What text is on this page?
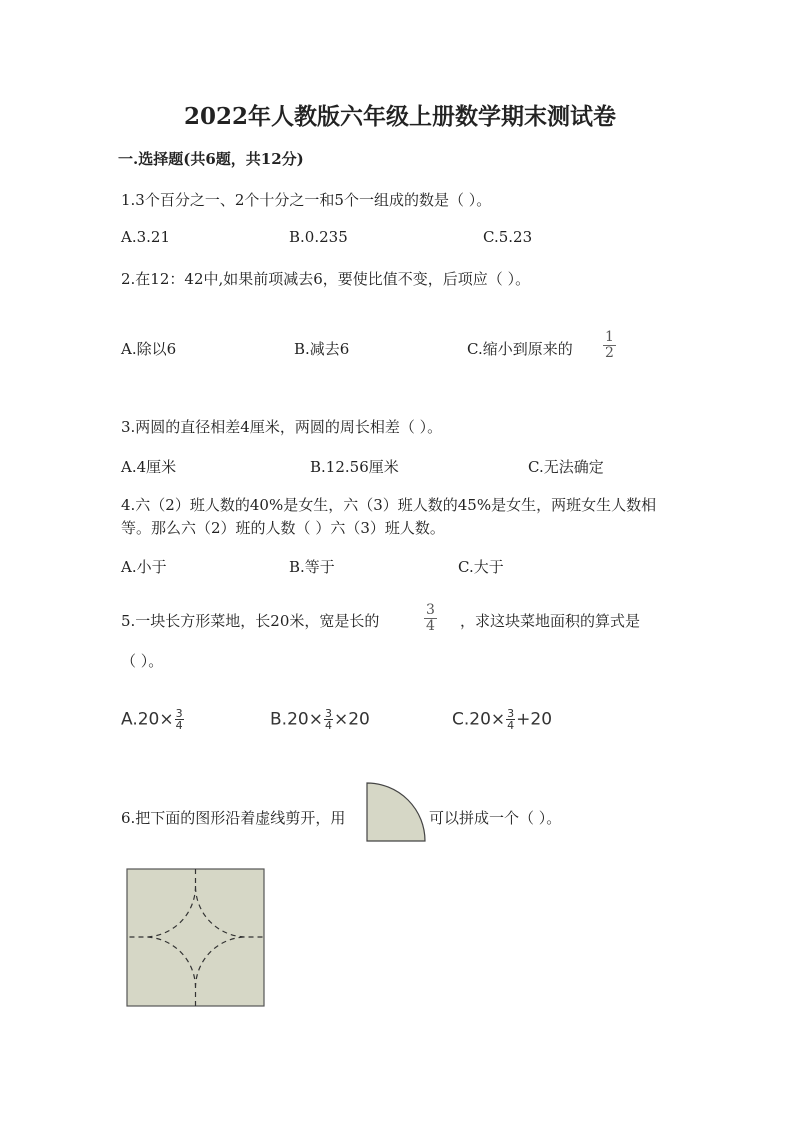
2022年人教版六年级上册数学期末测试卷
一.选择题(共6题，共12分)
1.3个百分之一、2个十分之一和5个一组成的数是（ ）。
A.3.21	B.0.235	C.5.23
2.在12：42中,如果前项减去6，要使比值不变，后项应（ ）。
A.除以6	B.减去6	C.缩小到原来的 $\frac{1}{2}$
3.两圆的直径相差4厘米，两圆的周长相差（ ）。
A.4厘米	B.12.56厘米	C.无法确定
4.六（2）班人数的40%是女生，六（3）班人数的45%是女生，两班女生人数相
等。那么六（2）班的人数（ ）六（3）班人数。
A.小于	B.等于	C.大于
5.一块长方形菜地，长20米，宽是长的	$\frac{3}{4}$ ，求这块菜地面积的算式是
（ ）。
$A.20\times \frac{3}{4}$	$B.20\times \frac{3}{4} \times 20$	$C.20\times \frac{3}{4} +20$
6.把下面的图形沿着虚线剪开，用	可以拼成一个（ ）。
